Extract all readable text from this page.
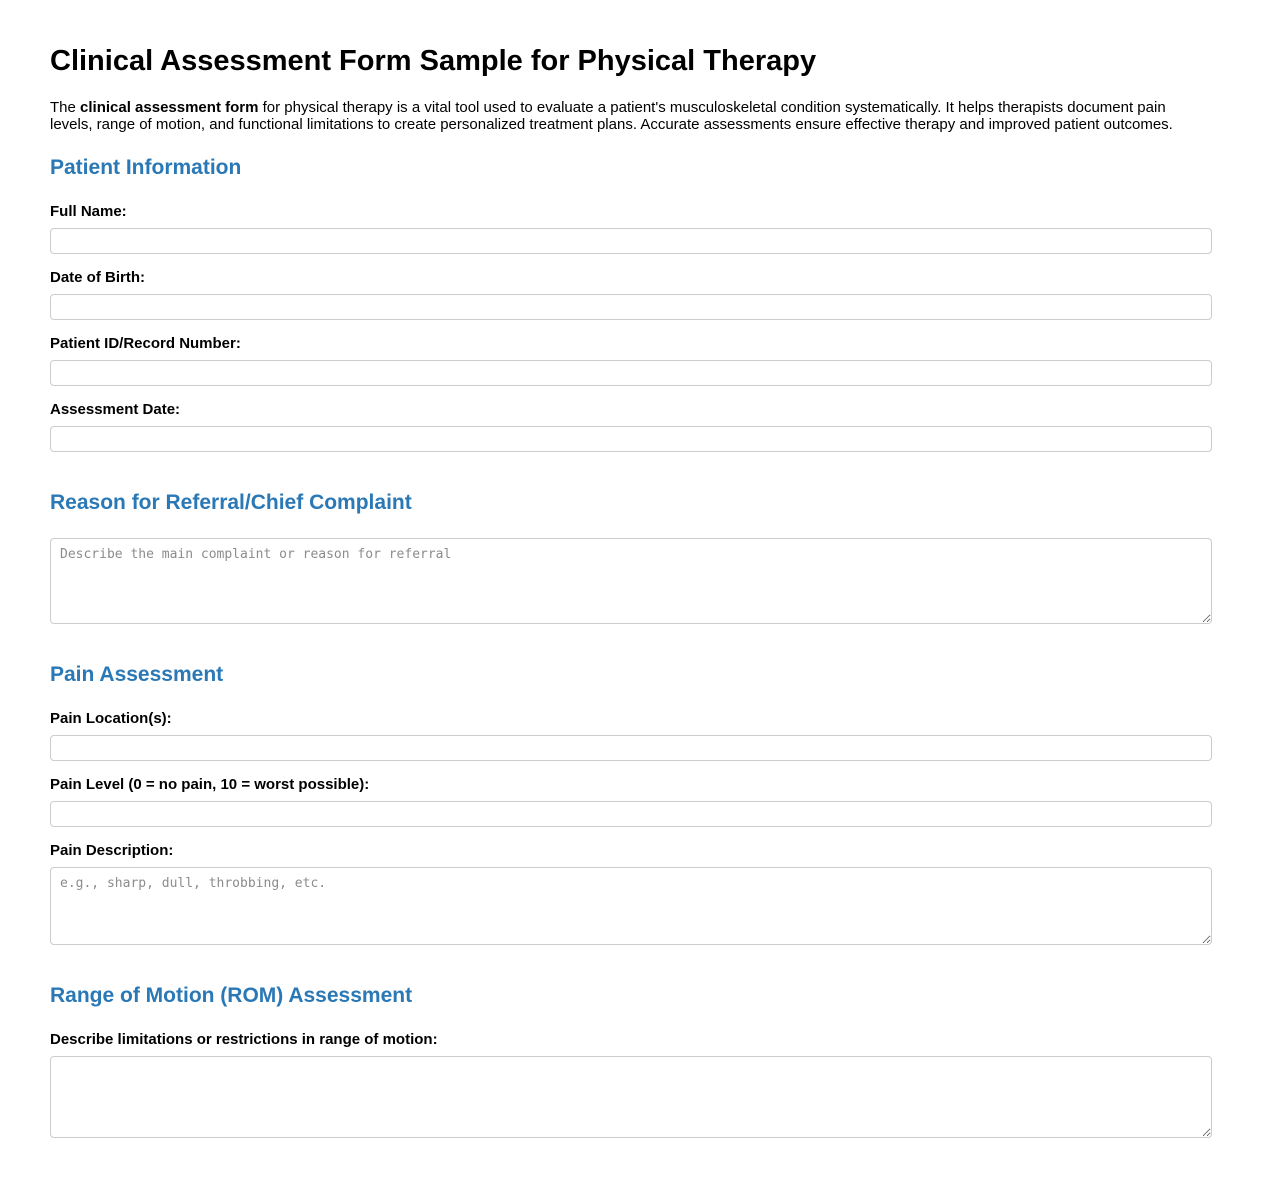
Clinical Assessment Form Sample for Physical Therapy

The clinical assessment form for physical therapy is a vital tool used to evaluate a patient's musculoskeletal condition systematically. It helps therapists document pain levels, range of motion, and functional limitations to create personalized treatment plans. Accurate assessments ensure effective therapy and improved patient outcomes.

Patient Information
Full Name:
Date of Birth:
Patient ID/Record Number:
Assessment Date:
Reason for Referral/Chief Complaint
Describe the main complaint or reason for referral
Pain Assessment
Pain Location(s):
Pain Level (0 = no pain, 10 = worst possible):
Pain Description:
e.g., sharp, dull, throbbing, etc.
Range of Motion (ROM) Assessment
Describe limitations or restrictions in range of motion:
